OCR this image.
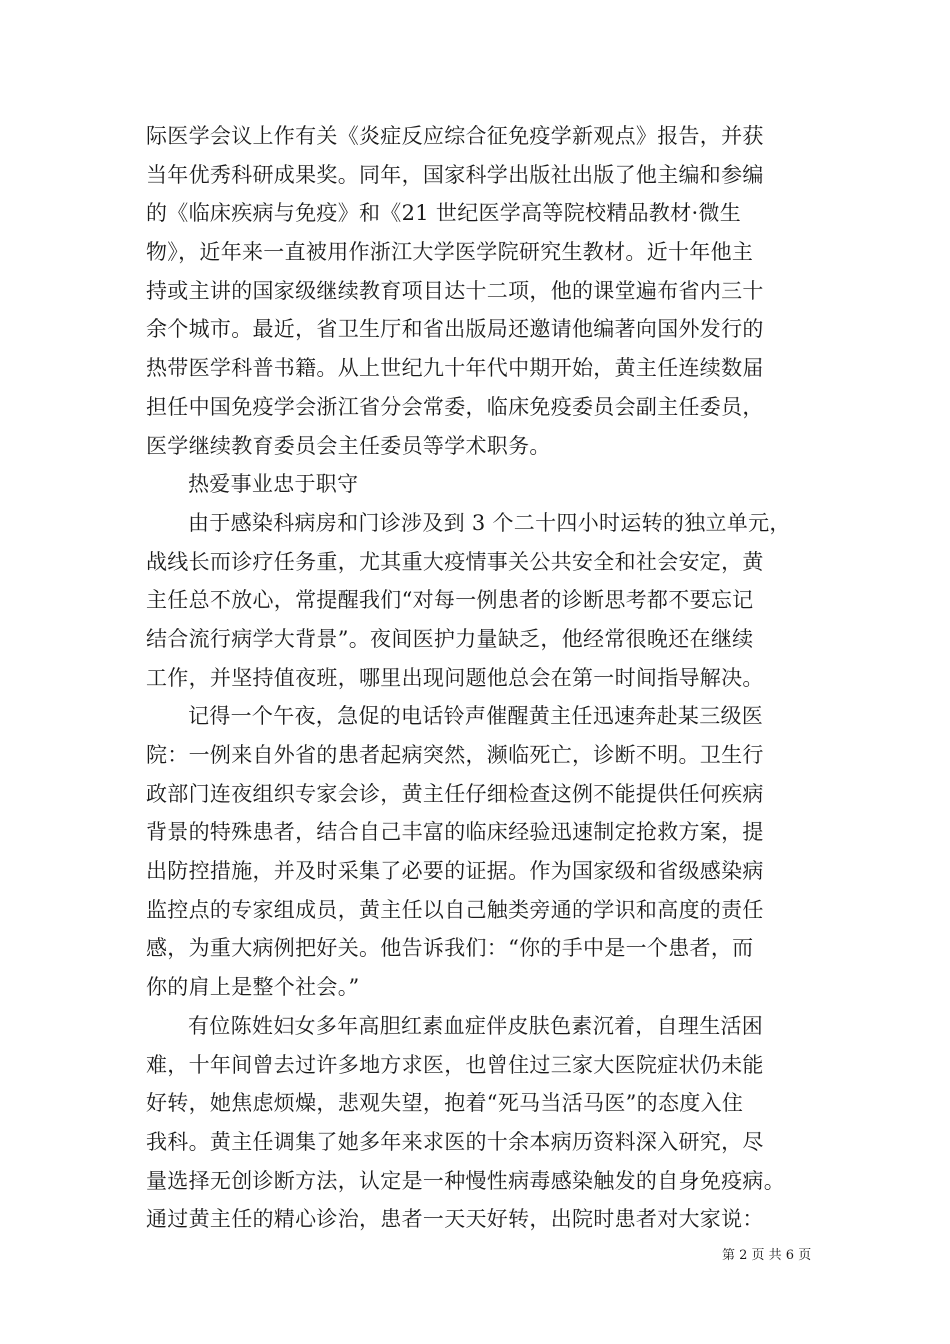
际医学会议上作有关《炎症反应综合征免疫学新观点》报告，并获
当年优秀科研成果奖。同年，国家科学出版社出版了他主编和参编
的《临床疾病与免疫》和《21 世纪医学高等院校精品教材·微生
物》，近年来一直被用作浙江大学医学院研究生教材。近十年他主
持或主讲的国家级继续教育项目达十二项，他的课堂遍布省内三十
余个城市。最近，省卫生厅和省出版局还邀请他编著向国外发行的
热带医学科普书籍。从上世纪九十年代中期开始，黄主任连续数届
担任中国免疫学会浙江省分会常委，临床免疫委员会副主任委员，
医学继续教育委员会主任委员等学术职务。
热爱事业忠于职守
由于感染科病房和门诊涉及到 3 个二十四小时运转的独立单元，
战线长而诊疗任务重，尤其重大疫情事关公共安全和社会安定，黄
主任总不放心，常提醒我们“对每一例患者的诊断思考都不要忘记
结合流行病学大背景”。夜间医护力量缺乏，他经常很晚还在继续
工作，并坚持值夜班，哪里出现问题他总会在第一时间指导解决。
记得一个午夜，急促的电话铃声催醒黄主任迅速奔赴某三级医
院：一例来自外省的患者起病突然，濒临死亡，诊断不明。卫生行
政部门连夜组织专家会诊，黄主任仔细检查这例不能提供任何疾病
背景的特殊患者，结合自己丰富的临床经验迅速制定抢救方案，提
出防控措施，并及时采集了必要的证据。作为国家级和省级感染病
监控点的专家组成员，黄主任以自己触类旁通的学识和高度的责任
感，为重大病例把好关。他告诉我们：“你的手中是一个患者，而
你的肩上是整个社会。”
有位陈姓妇女多年高胆红素血症伴皮肤色素沉着，自理生活困
难，十年间曾去过许多地方求医，也曾住过三家大医院症状仍未能
好转，她焦虑烦燥，悲观失望，抱着“死马当活马医”的态度入住
我科。黄主任调集了她多年来求医的十余本病历资料深入研究，尽
量选择无创诊断方法，认定是一种慢性病毒感染触发的自身免疫病。
通过黄主任的精心诊治，患者一天天好转，出院时患者对大家说：
第 2 页 共 6 页
